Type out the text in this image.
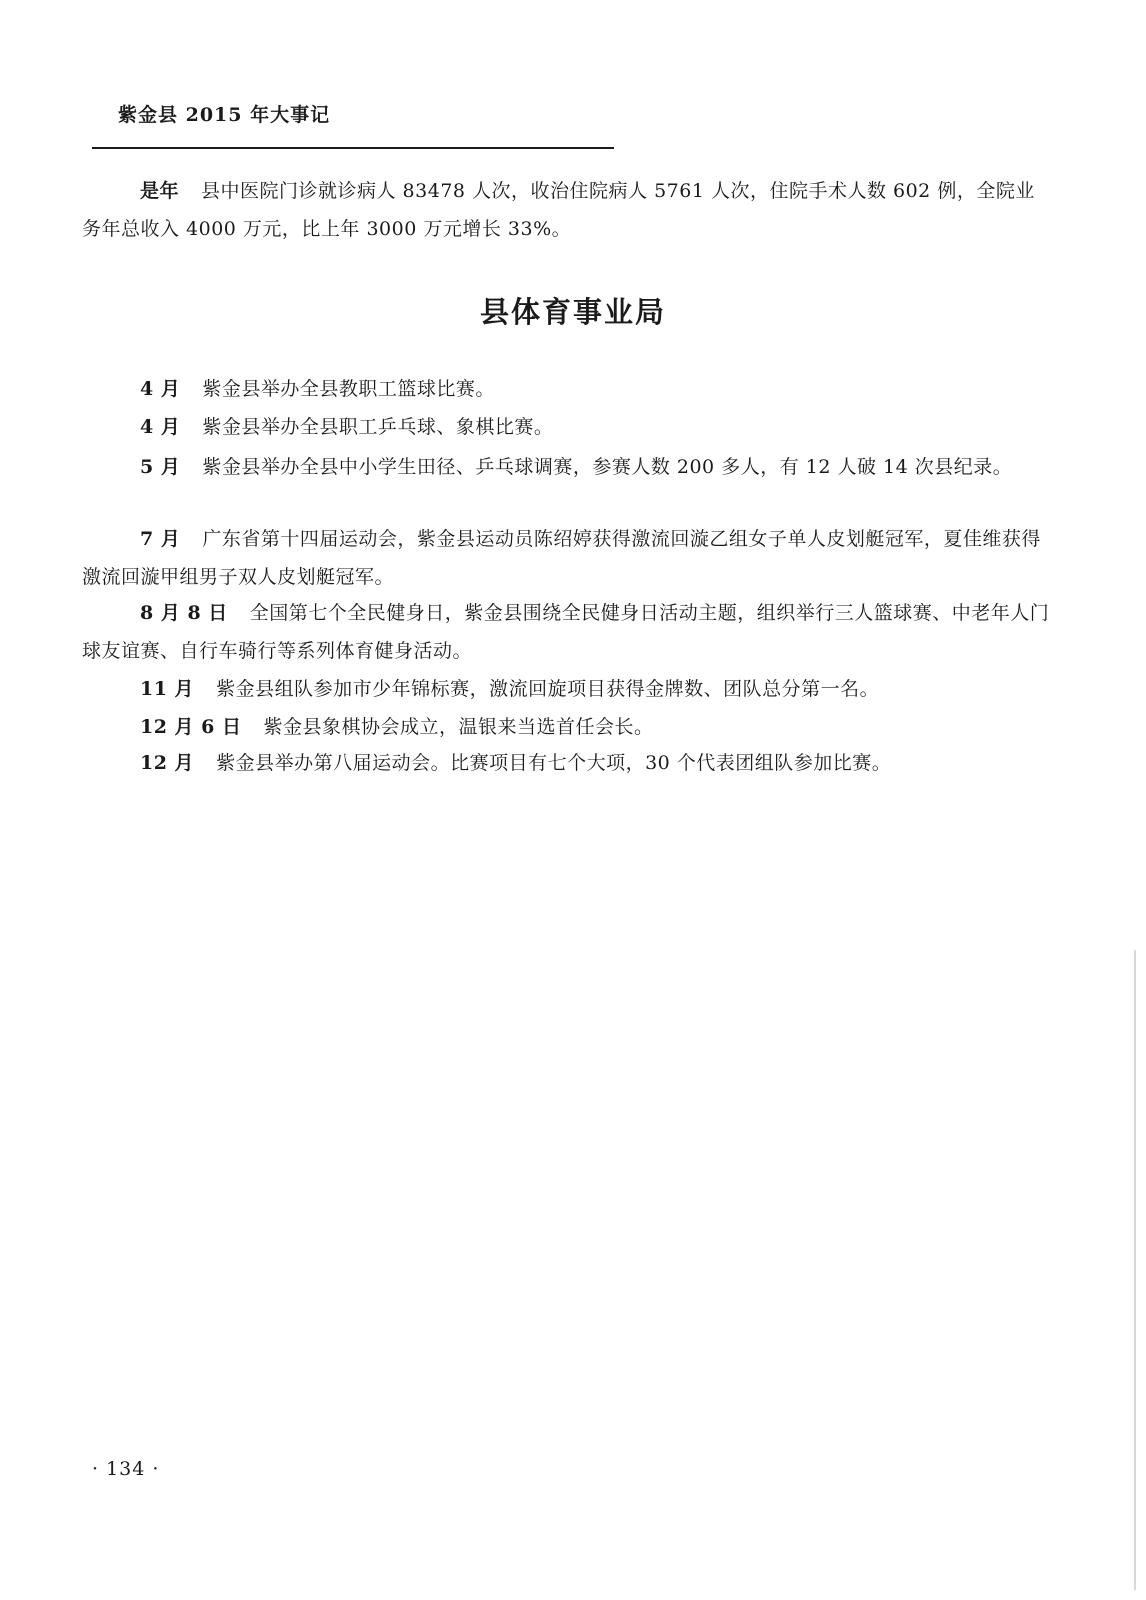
紫金县 2015 年大事记
是年 县中医院门诊就诊病人 83478 人次，收治住院病人 5761 人次，住院手术人数 602 例，全院业务年总收入 4000 万元，比上年 3000 万元增长 33%。
县体育事业局
4 月 紫金县举办全县教职工篮球比赛。
4 月 紫金县举办全县职工乒乓球、象棋比赛。
5 月 紫金县举办全县中小学生田径、乒乓球调赛，参赛人数 200 多人，有 12 人破 14 次县纪录。
7 月 广东省第十四届运动会，紫金县运动员陈绍婷获得激流回漩乙组女子单人皮划艇冠军，夏佳维获得激流回漩甲组男子双人皮划艇冠军。
8 月 8 日 全国第七个全民健身日，紫金县围绕全民健身日活动主题，组织举行三人篮球赛、中老年人门球友谊赛、自行车骑行等系列体育健身活动。
11 月 紫金县组队参加市少年锦标赛，激流回旋项目获得金牌数、团队总分第一名。
12 月 6 日 紫金县象棋协会成立，温银来当选首任会长。
12 月 紫金县举办第八届运动会。比赛项目有七个大项，30 个代表团组队参加比赛。
· 134 ·
